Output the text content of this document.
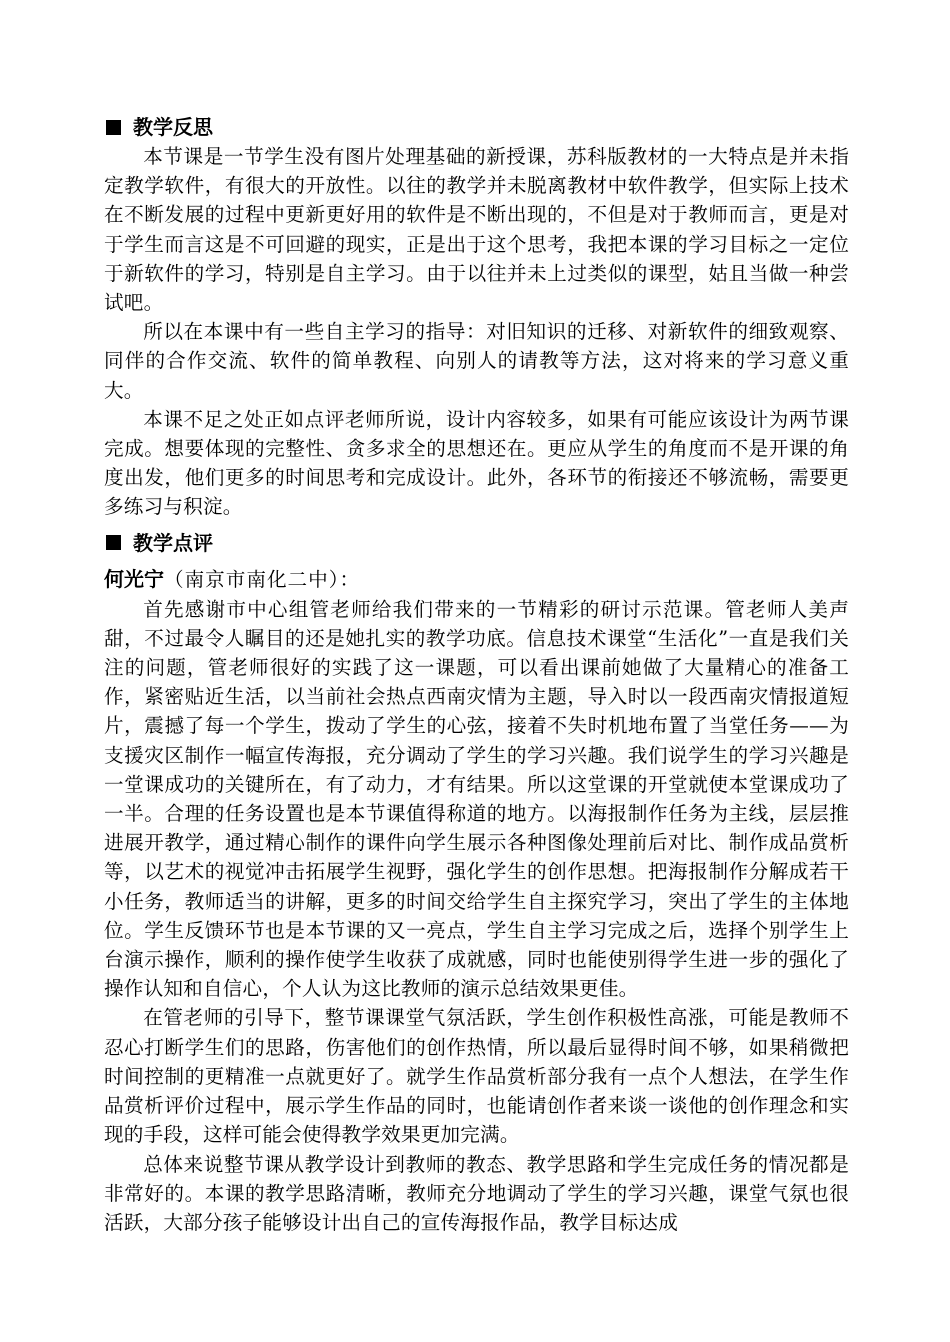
教学反思

本节课是一节学生没有图片处理基础的新授课，苏科版教材的一大特点是并未指定教学软件，有很大的开放性。以往的教学并未脱离教材中软件教学，但实际上技术在不断发展的过程中更新更好用的软件是不断出现的，不但是对于教师而言，更是对于学生而言这是不可回避的现实，正是出于这个思考，我把本课的学习目标之一定位于新软件的学习，特别是自主学习。由于以往并未上过类似的课型，姑且当做一种尝试吧。

所以在本课中有一些自主学习的指导：对旧知识的迁移、对新软件的细致观察、同伴的合作交流、软件的简单教程、向别人的请教等方法，这对将来的学习意义重大。

本课不足之处正如点评老师所说，设计内容较多，如果有可能应该设计为两节课完成。想要体现的完整性、贪多求全的思想还在。更应从学生的角度而不是开课的角度出发，他们更多的时间思考和完成设计。此外，各环节的衔接还不够流畅，需要更多练习与积淀。

教学点评

何光宁（南京市南化二中）：

首先感谢市中心组管老师给我们带来的一节精彩的研讨示范课。管老师人美声甜，不过最令人瞩目的还是她扎实的教学功底。信息技术课堂“生活化”一直是我们关注的问题，管老师很好的实践了这一课题，可以看出课前她做了大量精心的准备工作，紧密贴近生活，以当前社会热点西南灾情为主题，导入时以一段西南灾情报道短片，震撼了每一个学生，拨动了学生的心弦，接着不失时机地布置了当堂任务——为支援灾区制作一幅宣传海报，充分调动了学生的学习兴趣。我们说学生的学习兴趣是一堂课成功的关键所在，有了动力，才有结果。所以这堂课的开堂就使本堂课成功了一半。合理的任务设置也是本节课值得称道的地方。以海报制作任务为主线，层层推进展开教学，通过精心制作的课件向学生展示各种图像处理前后对比、制作成品赏析等，以艺术的视觉冲击拓展学生视野，强化学生的创作思想。把海报制作分解成若干小任务，教师适当的讲解，更多的时间交给学生自主探究学习，突出了学生的主体地位。学生反馈环节也是本节课的又一亮点，学生自主学习完成之后，选择个别学生上台演示操作，顺利的操作使学生收获了成就感，同时也能使别得学生进一步的强化了操作认知和自信心，个人认为这比教师的演示总结效果更佳。

在管老师的引导下，整节课课堂气氛活跃，学生创作积极性高涨，可能是教师不忍心打断学生们的思路，伤害他们的创作热情，所以最后显得时间不够，如果稍微把时间控制的更精准一点就更好了。就学生作品赏析部分我有一点个人想法，在学生作品赏析评价过程中，展示学生作品的同时，也能请创作者来谈一谈他的创作理念和实现的手段，这样可能会使得教学效果更加完满。

总体来说整节课从教学设计到教师的教态、教学思路和学生完成任务的情况都是非常好的。本课的教学思路清晰，教师充分地调动了学生的学习兴趣，课堂气氛也很活跃，大部分孩子能够设计出自己的宣传海报作品，教学目标达成
